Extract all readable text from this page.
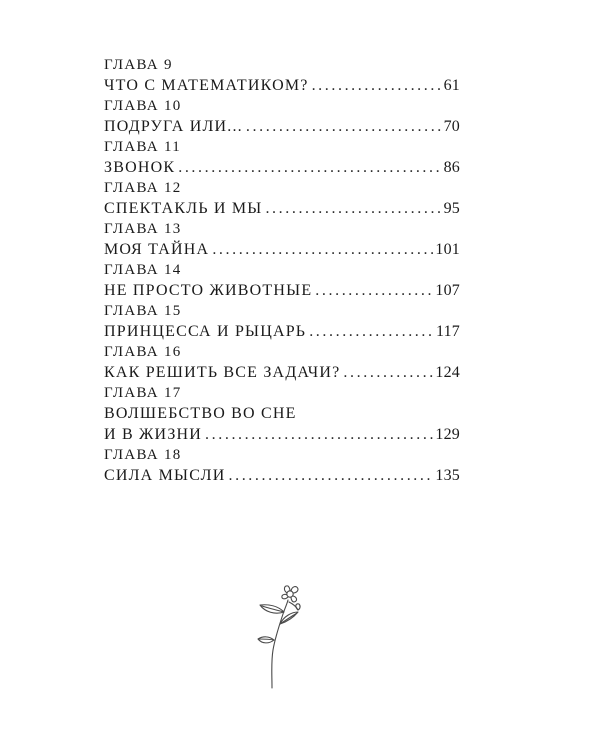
ГЛАВА 9
ЧТО С МАТЕМАТИКОМ? .....	61
ГЛАВА 10
ПОДРУГА ИЛИ... .....	70
ГЛАВА 11
ЗВОНОК .....	86
ГЛАВА 12
СПЕКТАКЛЬ И МЫ .....	95
ГЛАВА 13
МОЯ ТАЙНА .....	101
ГЛАВА 14
НЕ ПРОСТО ЖИВОТНЫЕ .....	107
ГЛАВА 15
ПРИНЦЕССА И РЫЦАРЬ .....	117
ГЛАВА 16
КАК РЕШИТЬ ВСЕ ЗАДАЧИ? .....	124
ГЛАВА 17
ВОЛШЕБСТВО ВО СНЕ
И В ЖИЗНИ .....	129
ГЛАВА 18
СИЛА МЫСЛИ .....	135
